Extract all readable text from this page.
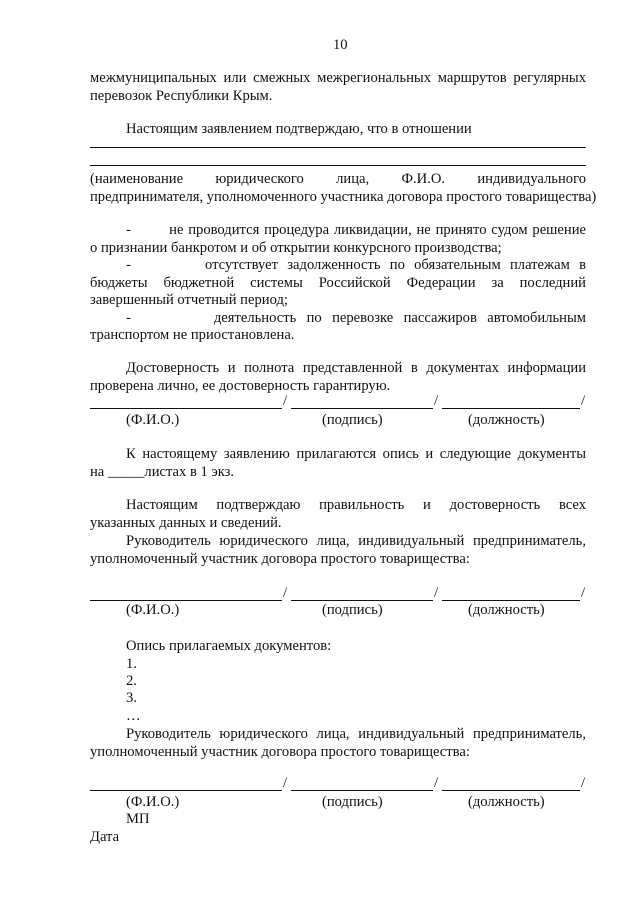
10
межмуниципальных или смежных межрегиональных маршрутов регулярных
перевозок Республики Крым.
Настоящим заявлением подтверждаю, что в отношении
(наименование юридического лица, Ф.И.О. индивидуального
предпринимателя, уполномоченного участника договора простого товарищества)
-        не проводится процедура ликвидации, не принято судом решение
о признании банкротом и об открытии конкурсного производства;
-        отсутствует задолженность по обязательным платежам в
бюджеты бюджетной системы Российской Федерации за последний
завершенный отчетный период;
-        деятельность по перевозке пассажиров автомобильным
транспортом не приостановлена.
Достоверность и полнота представленной в документах информации
проверена лично, ее достоверность гарантирую.
/	/	/
(Ф.И.О.)	(подпись)	(должность)
К настоящему заявлению прилагаются опись и следующие документы
на _____листах в 1 экз.
Настоящим подтверждаю правильность и достоверность всех
указанных данных и сведений.
Руководитель юридического лица, индивидуальный предприниматель,
уполномоченный участник договора простого товарищества:
/	/	/
(Ф.И.О.)	(подпись)	(должность)
Опись прилагаемых документов:
1.
2.
3.
…
Руководитель юридического лица, индивидуальный предприниматель,
уполномоченный участник договора простого товарищества:
/	/	/
(Ф.И.О.)	(подпись)	(должность)
МП
Дата
